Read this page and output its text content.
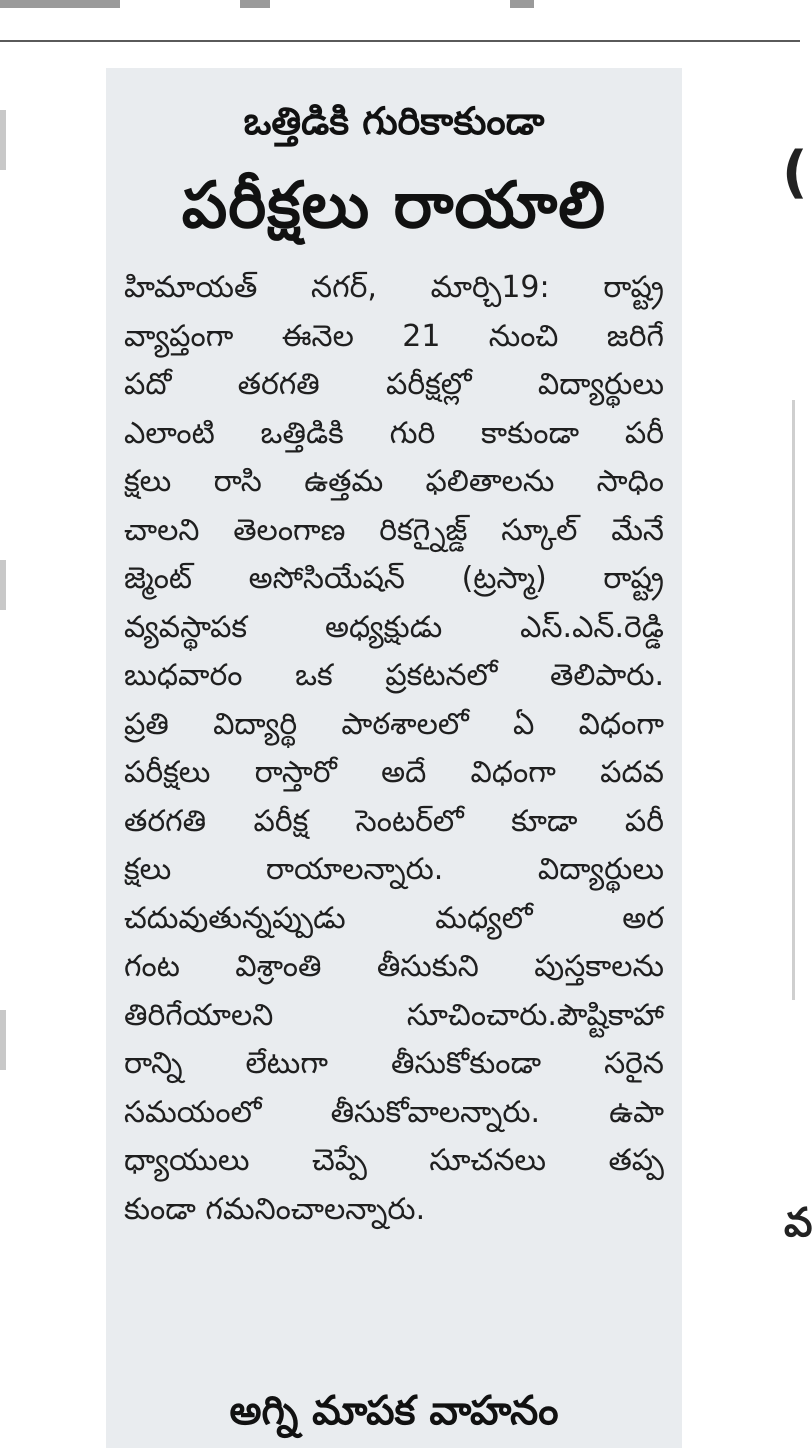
ఒత్తిడికి గురికాకుండా
పరీక్షలు రాయాలి
హిమాయత్ నగర్, మార్చి19: రాష్ట్ర
వ్యాప్తంగా ఈనెల 21 నుంచి జరిగే
పదో తరగతి పరీక్షల్లో విద్యార్థులు
ఎలాంటి ఒత్తిడికి గురి కాకుండా పరీ
క్షలు రాసి ఉత్తమ ఫలితాలను సాధిం
చాలని తెలంగాణ రికగ్నైజ్డ్ స్కూల్ మేనే
జ్మెంట్ అసోసియేషన్ (ట్రస్మా) రాష్ట్ర
వ్యవస్థాపక అధ్యక్షుడు ఎస్.ఎన్.రెడ్డి
బుధవారం ఒక ప్రకటనలో తెలిపారు.
ప్రతి విద్యార్థి పాఠశాలలో ఏ విధంగా
పరీక్షలు రాస్తారో అదే విధంగా పదవ
తరగతి పరీక్ష సెంటర్‌లో కూడా పరీ
క్షలు రాయాలన్నారు. విద్యార్థులు
చదువుతున్నప్పుడు మధ్యలో అర
గంట విశ్రాంతి తీసుకుని పుస్తకాలను
తిరిగేయాలని సూచించారు.పౌష్టికాహా
రాన్ని లేటుగా తీసుకోకుండా సరైన
సమయంలో తీసుకోవాలన్నారు. ఉపా
ధ్యాయులు చెప్పే సూచనలు తప్ప
కుండా గమనించాలన్నారు.
అగ్ని మాపక వాహనం
(
వ
